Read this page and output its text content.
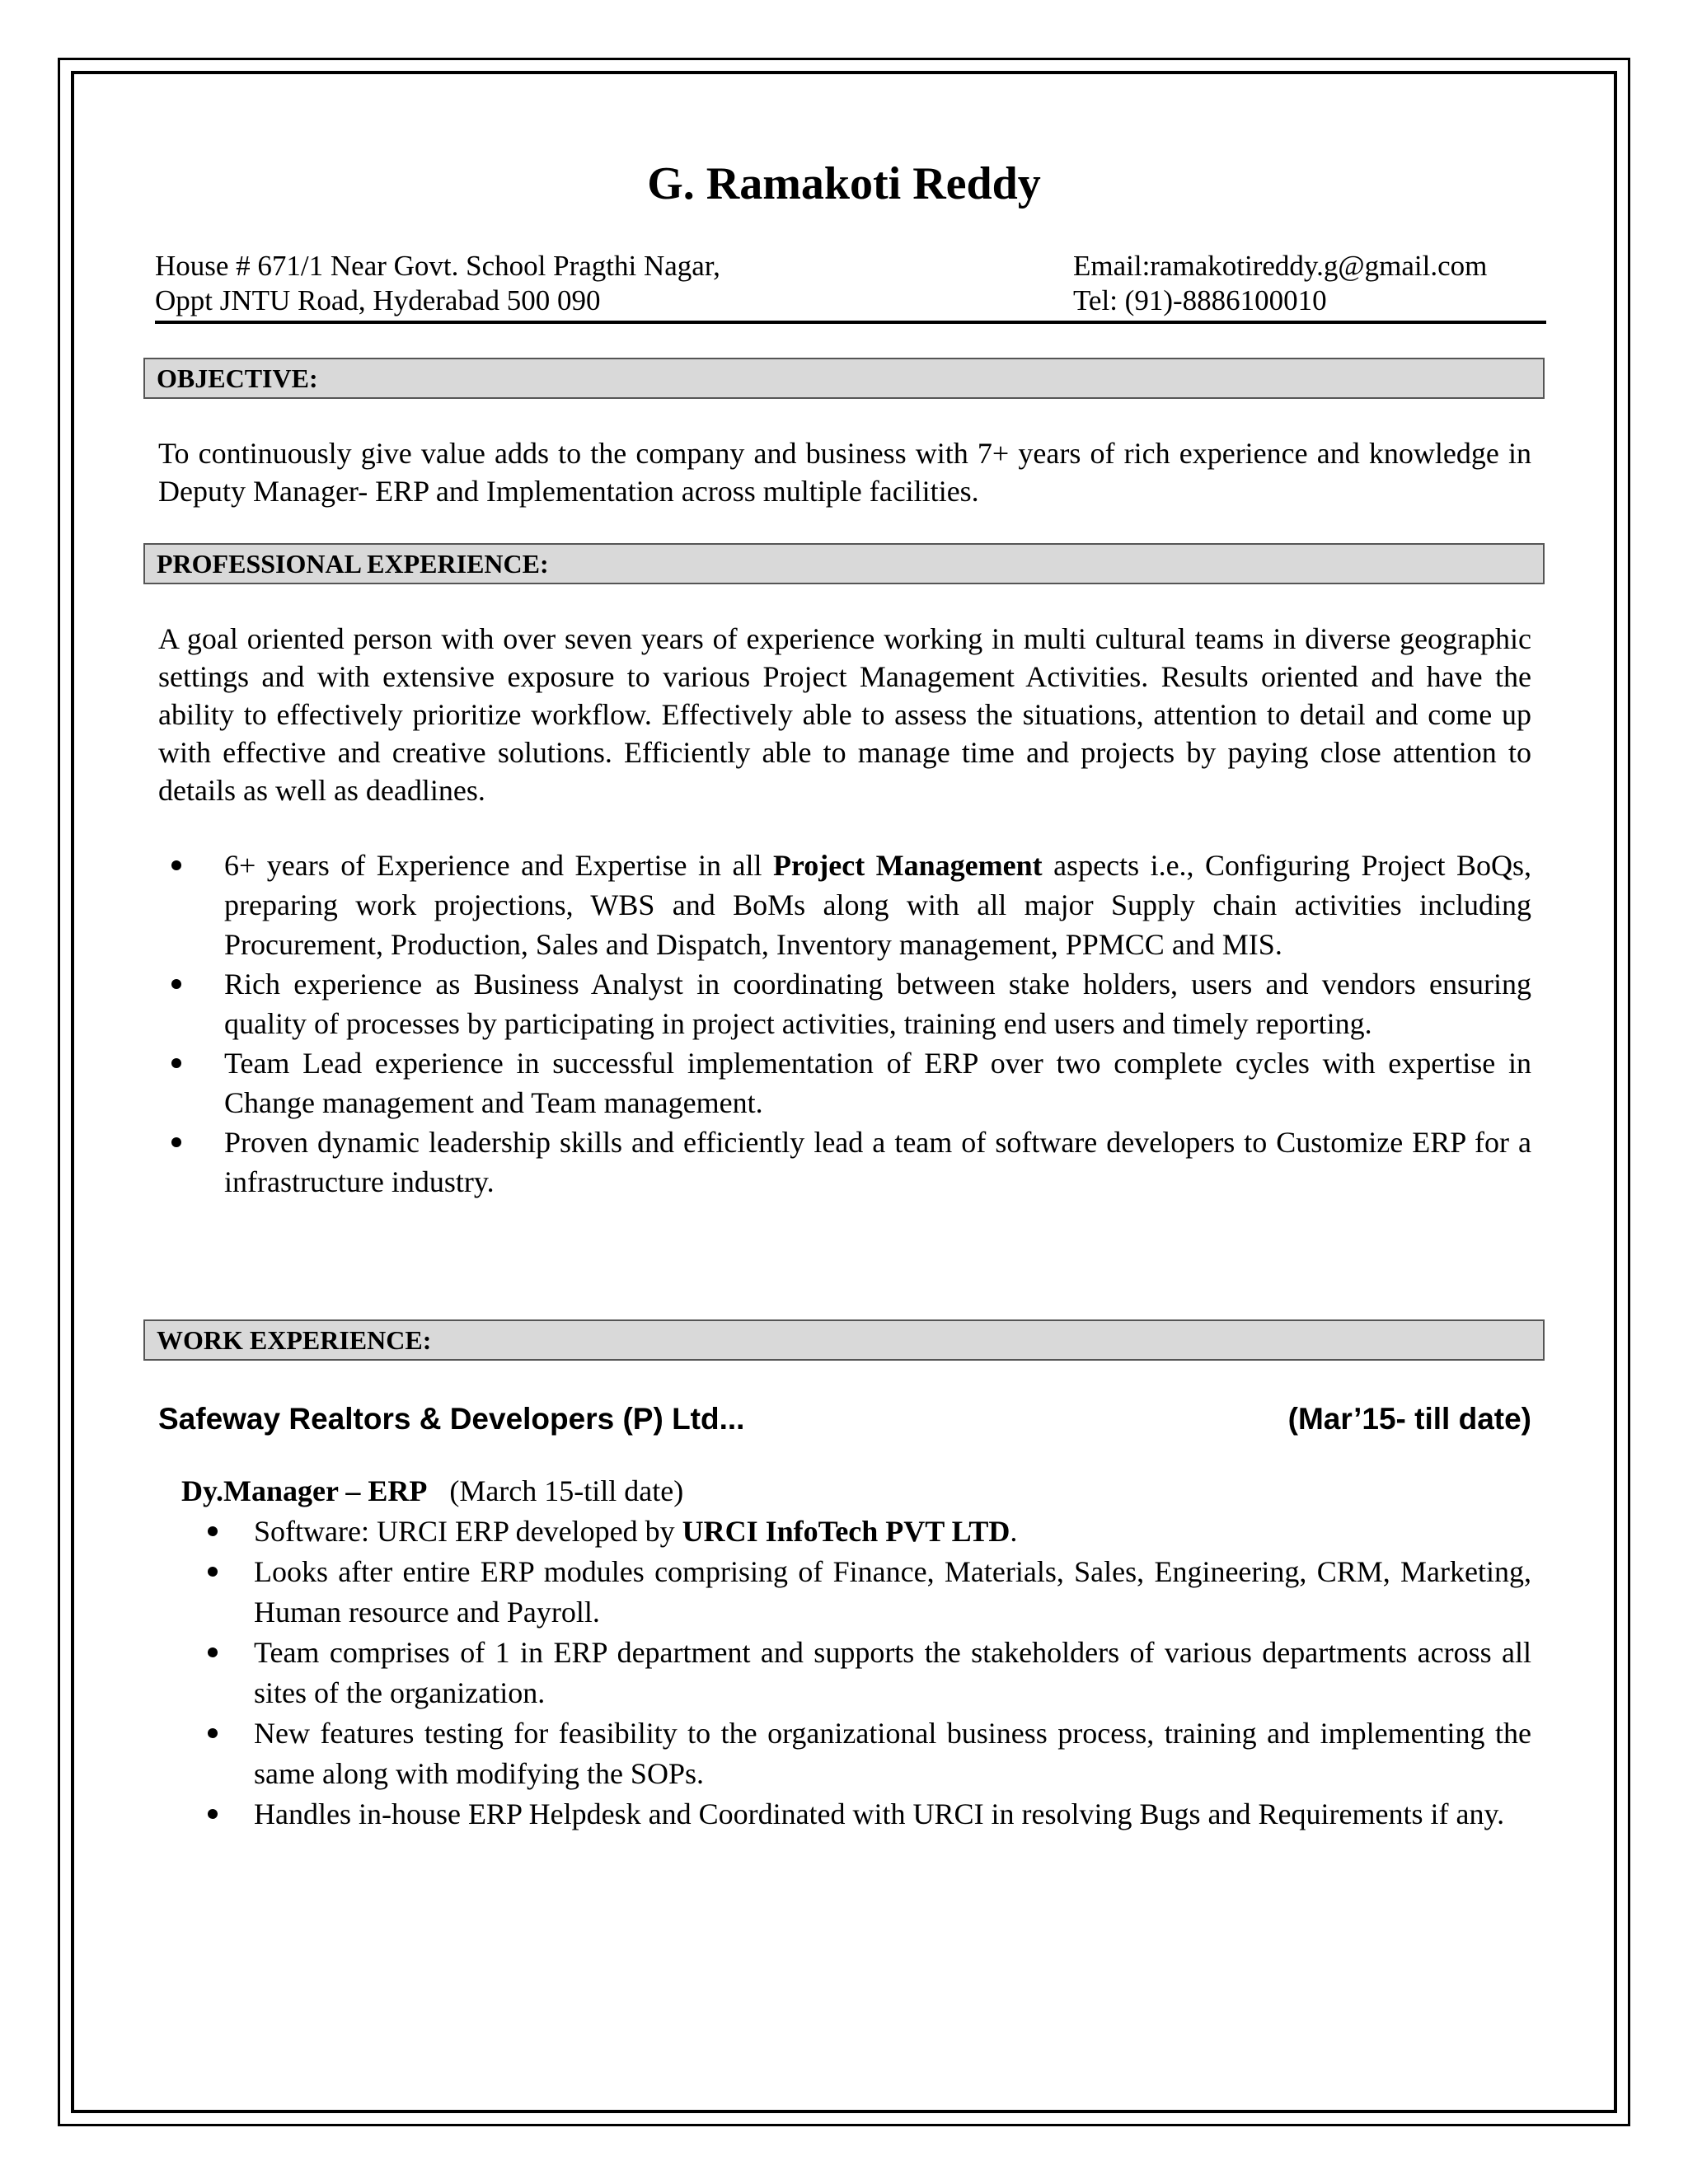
G. Ramakoti Reddy
House # 671/1 Near Govt. School Pragthi Nagar,
Oppt JNTU Road, Hyderabad 500 090
Email:ramakotireddy.g@gmail.com
Tel: (91)-8886100010
OBJECTIVE:
To continuously give value adds to the company and business with 7+ years of rich experience and knowledge in Deputy Manager- ERP and Implementation across multiple facilities.
PROFESSIONAL EXPERIENCE:
A goal oriented person with over seven years of experience working in multi cultural teams in diverse geographic settings and with extensive exposure to various Project Management Activities. Results oriented and have the ability to effectively prioritize workflow. Effectively able to assess the situations, attention to detail and come up with effective and creative solutions. Efficiently able to manage time and projects by paying close attention to details as well as deadlines.
6+ years of Experience and Expertise in all Project Management aspects i.e., Configuring Project BoQs, preparing work projections, WBS and BoMs along with all major Supply chain activities including Procurement, Production, Sales and Dispatch, Inventory management, PPMCC and MIS.
Rich experience as Business Analyst in coordinating between stake holders, users and vendors ensuring quality of processes by participating in project activities, training end users and timely reporting.
Team Lead experience in successful implementation of ERP over two complete cycles with expertise in Change management and Team management.
Proven dynamic leadership skills and efficiently lead a team of software developers to Customize ERP for a infrastructure industry.
WORK EXPERIENCE:
Safeway Realtors & Developers (P) Ltd...	(Mar’15- till date)
Dy.Manager – ERP (March 15-till date)
Software: URCI ERP developed by URCI InfoTech PVT LTD.
Looks after entire ERP modules comprising of Finance, Materials, Sales, Engineering, CRM, Marketing, Human resource and Payroll.
Team comprises of 1 in ERP department and supports the stakeholders of various departments across all sites of the organization.
New features testing for feasibility to the organizational business process, training and implementing the same along with modifying the SOPs.
Handles in-house ERP Helpdesk and Coordinated with URCI in resolving Bugs and Requirements if any.
